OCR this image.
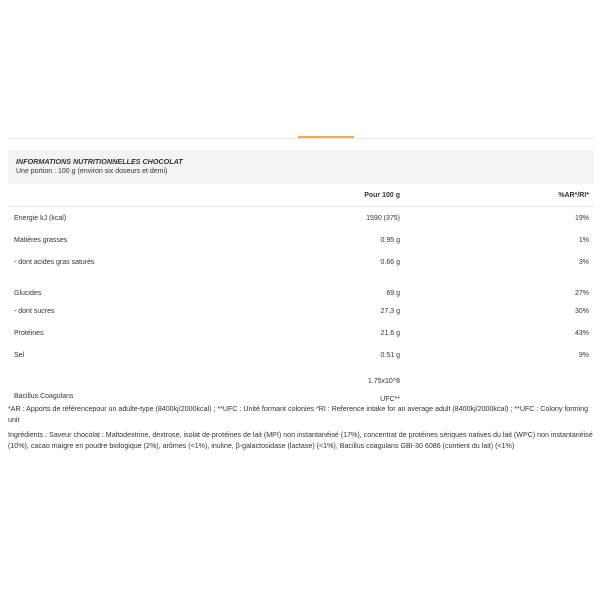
INFORMATIONS NUTRITIONNELLES CHOCOLAT
Une portion : 100 g (environ six doseurs et demi)		

	Pour 100 g	%AR*/RI*
Energie kJ (kcal)	1590 (375)	19%
Matières grasses	0.95 g	1%
- dont acides gras saturés	0.66 g	3%
Glucides	69 g	27%
- dont sucres	27.3 g	30%
Protéines	21.6 g	43%
Sel	0.51 g	9%
Bacillus Coagulans	1.75x10^8
UFC**	

*AR : Apports de référencepour un adulte-type (8400kj/2000kcal) ; **UFC : Unité formant colonies *RI : Reference intake for an average adult (8400kj/2000kcal) ; **UFC : Colony forming unit
Ingrédients : Saveur chocolat : Maltodextrine, dextrose, isolat de protéines de lait (MPI) non instantanéisé (17%), concentrat de protéines sériques natives du lait (WPC) non instantanéisé (10%), cacao maigre en poudre biologique (2%), arômes (<1%), inuline, β-galactosidase (lactase) (<1%), Bacillus coagulans GBI-30 6086 (contient du lait) (<1%)
